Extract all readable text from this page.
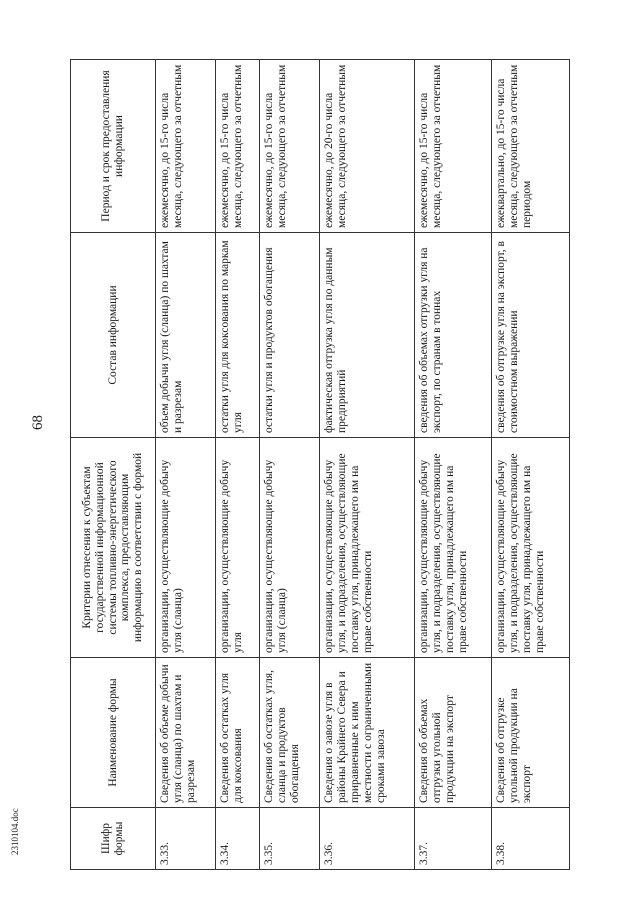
68
2310104.doc	Шифр формы	Наименование формы	Критерии отнесения к субъектам государственной информационной системы топливно-энергетического комплекса, предоставляющим информацию в соответствии с формой	Состав информации	Период и срок предоставления информации
3.33.	Сведения об объеме добычи угля (сланца) по шахтам и разрезам	организации, осуществляющие добычу угля (сланца)	объем добычи угля (сланца) по шахтам и разрезам	ежемесячно, до 15-го числа месяца, следующего за отчетным
3.34.	Сведения об остатках угля для коксования	организации, осуществляющие добычу угля	остатки угля для коксования по маркам угля	ежемесячно, до 15-го числа месяца, следующего за отчетным
3.35.	Сведения об остатках угля, сланца и продуктов обогащения	организации, осуществляющие добычу угля (сланца)	остатки угля и продуктов обогащения	ежемесячно, до 15-го числа месяца, следующего за отчетным
3.36.	Сведения о завозе угля в районы Крайнего Севера и приравненные к ним местности с ограниченными сроками завоза	организации, осуществляющие добычу угля, и подразделения, осуществляющие поставку угля, принадлежащего им на праве собственности	фактическая отгрузка угля по данным предприятий	ежемесячно, до 20-го числа месяца, следующего за отчетным
3.37.	Сведения об объемах отгрузки угольной продукции на экспорт	организации, осуществляющие добычу угля, и подразделения, осуществляющие поставку угля, принадлежащего им на праве собственности	сведения об объемах отгрузки угля на экспорт, по странам в тоннах	ежемесячно, до 15-го числа месяца, следующего за отчетным
3.38.	Сведения об отгрузке угольной продукции на экспорт	организации, осуществляющие добычу угля, и подразделения, осуществляющие поставку угля, принадлежащего им на праве собственности	сведения об отгрузке угля на экспорт, в стоимостном выражении	ежеквартально, до 15-го числа месяца, следующего за отчетным периодом
